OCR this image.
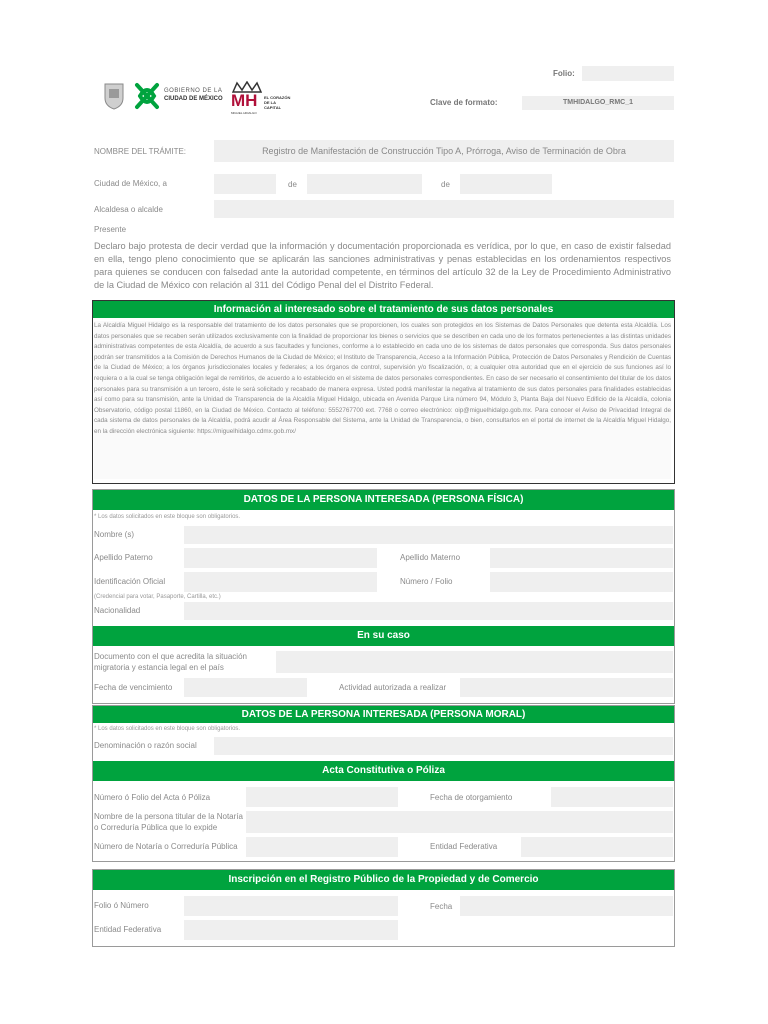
GOBIERNO DE LA
CIUDAD DE MÉXICO MH EL CORAZÓN
DE LA
CAPITAL
MIGUEL HIDALGO
Folio:
Clave de formato:	TMHIDALGO_RMC_1
NOMBRE DEL TRÁMITE:	Registro de Manifestación de Construcción Tipo A, Prórroga, Aviso de Terminación de Obra
Ciudad de México, a	de	de
Alcaldesa o alcalde
Presente
Declaro bajo protesta de decir verdad que la información y documentación proporcionada es verídica, por lo que, en caso de existir falsedad en ella, tengo pleno conocimiento que se aplicarán las sanciones administrativas y penas establecidas en los ordenamientos respectivos para quienes se conducen con falsedad ante la autoridad competente, en términos del artículo 32 de la Ley de Procedimiento Administrativo de la Ciudad de México con relación al 311 del Código Penal del el Distrito Federal.
Información al interesado sobre el tratamiento de sus datos personales
La Alcaldía Miguel Hidalgo es la responsable del tratamiento de los datos personales que se proporcionen, los cuales son protegidos en los Sistemas de Datos Personales que detenta esta Alcaldía. Los datos personales que se recaben serán utilizados exclusivamente con la finalidad de proporcionar los bienes o servicios que se describen en cada uno de los formatos pertenecientes a las distintas unidades administrativas competentes de esta Alcaldía, de acuerdo a sus facultades y funciones, conforme a lo establecido en cada uno de los sistemas de datos personales que corresponda. Sus datos personales podrán ser transmitidos a la Comisión de Derechos Humanos de la Ciudad de México; el Instituto de Transparencia, Acceso a la Información Pública, Protección de Datos Personales y Rendición de Cuentas de la Ciudad de México; a los órganos jurisdiccionales locales y federales; a los órganos de control, supervisión y/o fiscalización, o; a cualquier otra autoridad que en el ejercicio de sus funciones así lo requiera o a la cual se tenga obligación legal de remitirlos, de acuerdo a lo establecido en el sistema de datos personales correspondientes. En caso de ser necesario el consentimiento del titular de los datos personales para su transmisión a un tercero, éste le será solicitado y recabado de manera expresa. Usted podrá manifestar la negativa al tratamiento de sus datos personales para finalidades establecidas así como para su transmisión, ante la Unidad de Transparencia de la Alcaldía Miguel Hidalgo, ubicada en Avenida Parque Lira número 94, Módulo 3, Planta Baja del Nuevo Edificio de la Alcaldía, colonia Observatorio, código postal 11860, en la Ciudad de México. Contacto al teléfono: 5552767700 ext. 7768 o correo electrónico: oip@miguelhidalgo.gob.mx. Para conocer el Aviso de Privacidad Integral de cada sistema de datos personales de la Alcaldía, podrá acudir al Área Responsable del Sistema, ante la Unidad de Transparencia, o bien, consultarlos en el portal de internet de la Alcaldía Miguel Hidalgo, en la dirección electrónica siguiente: https://miguelhidalgo.cdmx.gob.mx/
DATOS DE LA PERSONA INTERESADA (PERSONA FÍSICA)
* Los datos solicitados en este bloque son obligatorios.
Nombre (s)
Apellido Paterno	Apellido Materno
Identificación Oficial	Número / Folio
(Credencial para votar, Pasaporte, Cartilla, etc.)
Nacionalidad
En su caso
Documento con el que acredita la situación migratoria y estancia legal en el país
Fecha de vencimiento	Actividad autorizada a realizar
DATOS DE LA PERSONA INTERESADA (PERSONA MORAL)
* Los datos solicitados en este bloque son obligatorios.
Denominación o razón social
Acta Constitutiva o Póliza
Número ó Folio del Acta ó Póliza	Fecha de otorgamiento
Nombre de la persona titular de la Notaría o Correduría Pública que lo expide
Número de Notaría o Correduría Pública	Entidad Federativa
Inscripción en el Registro Público de la Propiedad y de Comercio
Folio ó Número	Fecha
Entidad Federativa
